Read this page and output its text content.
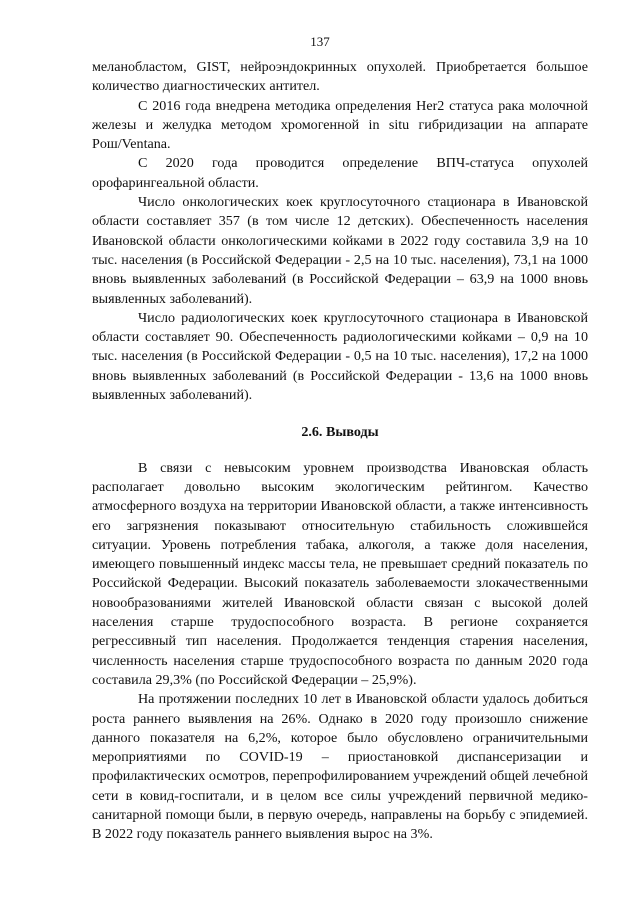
137

меланобластом, GIST, нейроэндокринных опухолей. Приобретается большое количество диагностических антител.

С 2016 года внедрена методика определения Her2 статуса рака молочной железы и желудка методом хромогенной in situ гибридизации на аппарате Poш/Ventana.

С 2020 года проводится определение ВПЧ-статуса опухолей орофарингеальной области.

Число онкологических коек круглосуточного стационара в Ивановской области составляет 357 (в том числе 12 детских). Обеспеченность населения Ивановской области онкологическими койками в 2022 году составила 3,9 на 10 тыс. населения (в Российской Федерации - 2,5 на 10 тыс. населения), 73,1 на 1000 вновь выявленных заболеваний (в Российской Федерации – 63,9 на 1000 вновь выявленных заболеваний).

Число радиологических коек круглосуточного стационара в Ивановской области составляет 90. Обеспеченность радиологическими койками – 0,9 на 10 тыс. населения (в Российской Федерации - 0,5 на 10 тыс. населения), 17,2 на 1000 вновь выявленных заболеваний (в Российской Федерации - 13,6 на 1000 вновь выявленных заболеваний).

2.6. Выводы

В связи с невысоким уровнем производства Ивановская область располагает довольно высоким экологическим рейтингом. Качество атмосферного воздуха на территории Ивановской области, а также интенсивность его загрязнения показывают относительную стабильность сложившейся ситуации. Уровень потребления табака, алкоголя, а также доля населения, имеющего повышенный индекс массы тела, не превышает средний показатель по Российской Федерации. Высокий показатель заболеваемости злокачественными новообразованиями жителей Ивановской области связан с высокой долей населения старше трудоспособного возраста. В регионе сохраняется регрессивный тип населения. Продолжается тенденция старения населения, численность населения старше трудоспособного возраста по данным 2020 года составила 29,3% (по Российской Федерации – 25,9%).

На протяжении последних 10 лет в Ивановской области удалось добиться роста раннего выявления на 26%. Однако в 2020 году произошло снижение данного показателя на 6,2%, которое было обусловлено ограничительными мероприятиями по COVID-19 – приостановкой диспансеризации и профилактических осмотров, перепрофилированием учреждений общей лечебной сети в ковид-госпитали, и в целом все силы учреждений первичной медико-санитарной помощи были, в первую очередь, направлены на борьбу с эпидемией. В 2022 году показатель раннего выявления вырос на 3%.
